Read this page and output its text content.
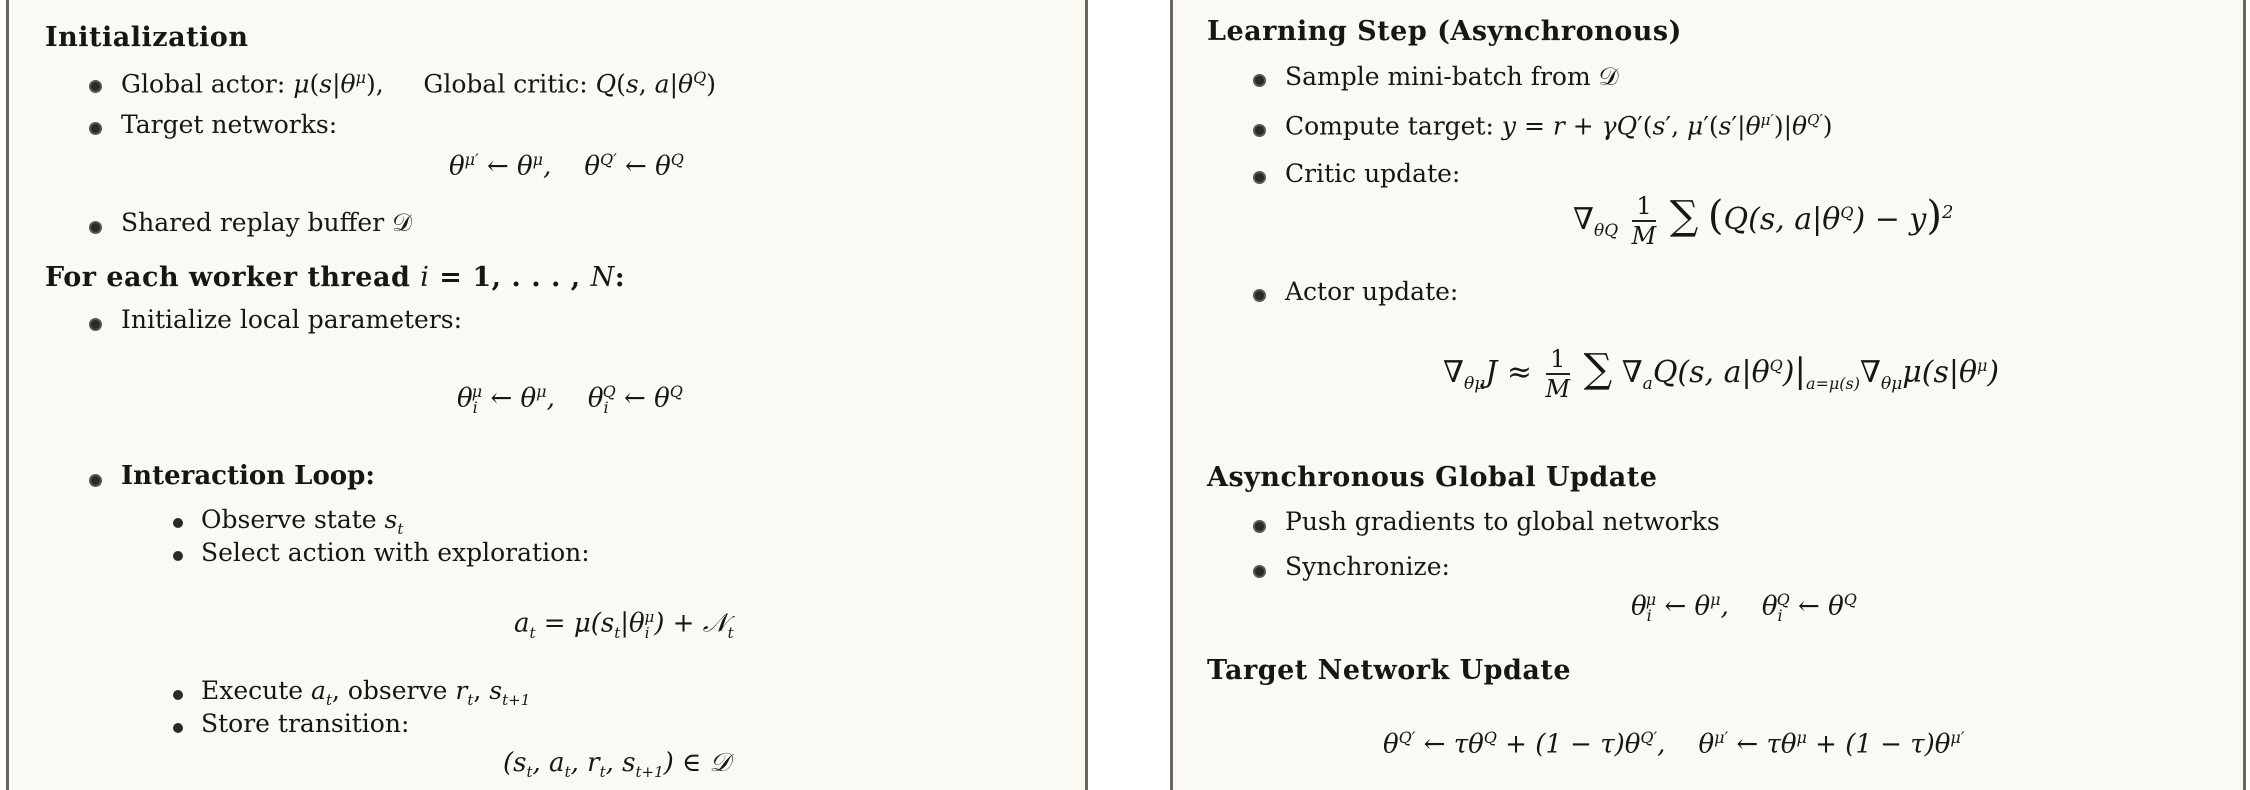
Initialization
Global actor: $\mu(s|\theta^\mu)$,     Global critic: Q(s, $a|\theta^Q$)
Target networks:
$\theta^{\mu'}$ ← $\theta^\mu$,    $\theta^{Q'}$ ← $\theta^Q$
Shared replay buffer 𝒟
For each worker thread i = 1, . . . , N:
Initialize local parameters:
$\theta_i^\mu$ ← $\theta^\mu$,    $\theta_i^Q$ ← $\theta^Q$
Interaction Loop:
Observe state $s_t$
Select action with exploration:
$a_t = \mu(s_t|\theta_i^\mu)$ + 𝒩$_t$
Execute $a_t$, observe $r_t$, $s_{t+1}$
Store transition:
($s_t$, $a_t$, $r_t$, $s_{t+1}$) ∈ 𝒟
Learning Step (Asynchronous)
Sample mini-batch from 𝒟
Compute target: y = r + γQ′(s′, $\mu'(s'|\theta^{\mu'})|\theta^{Q'}$)
Critic update:
$\nabla_{\theta Q} \frac{1}{M}$ ∑ (Q(s, $a|\theta^Q) - y)^2$
Actor update:
$\nabla_{\theta\mu}J \approx \frac{1}{M}$ ∑ $\nabla_aQ(s$, $a|\theta^Q)|_{a=\mu(s)}\nabla_{\theta\mu}\mu(s|\theta^\mu)$
Asynchronous Global Update
Push gradients to global networks
Synchronize:
$\theta_i^\mu$ ← $\theta^\mu$,    $\theta_i^Q$ ← $\theta^Q$
Target Network Update
$\theta^{Q'}$ ← $\tau\theta^Q + (1 - \tau)\theta^{Q'}$,    $\theta^{\mu'}$ ← $\tau\theta^\mu + (1 - \tau)\theta^{\mu'}$
